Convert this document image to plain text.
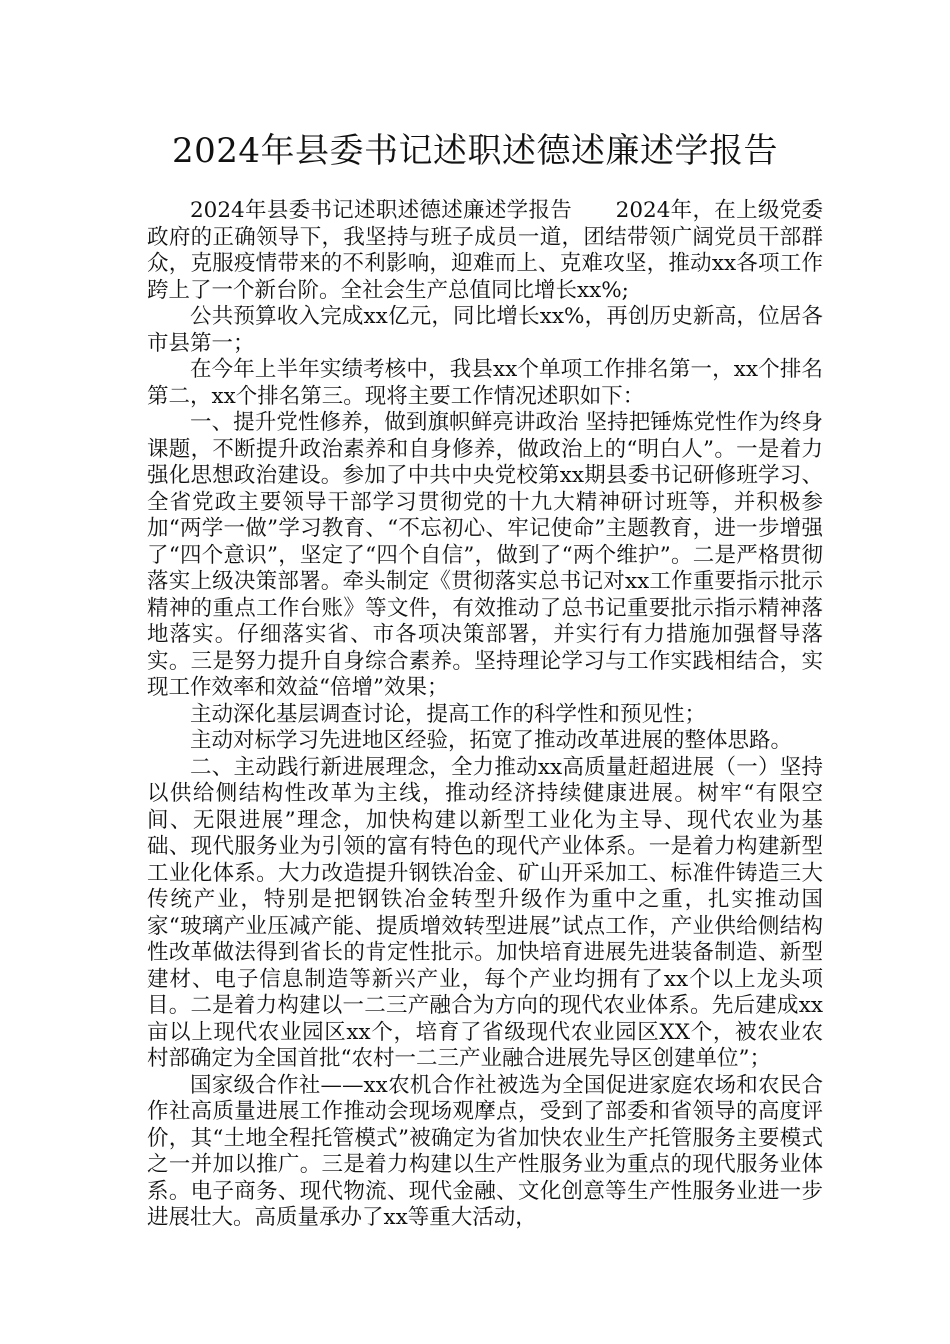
2024年县委书记述职述德述廉述学报告

2024年县委书记述职述德述廉述学报告　　2024年，在上级党委政府的正确领导下，我坚持与班子成员一道，团结带领广阔党员干部群众，克服疫情带来的不利影响，迎难而上、克难攻坚，推动xx各项工作跨上了一个新台阶。全社会生产总值同比增长xx%;

公共预算收入完成xx亿元，同比增长xx%，再创历史新高，位居各市县第一；

在今年上半年实绩考核中，我县xx个单项工作排名第一，xx个排名第二，xx个排名第三。现将主要工作情况述职如下：

一、提升党性修养，做到旗帜鲜亮讲政治 坚持把锤炼党性作为终身课题，不断提升政治素养和自身修养，做政治上的“明白人”。一是着力强化思想政治建设。参加了中共中央党校第xx期县委书记研修班学习、全省党政主要领导干部学习贯彻党的十九大精神研讨班等，并积极参加“两学一做”学习教育、“不忘初心、牢记使命”主题教育，进一步增强了“四个意识”，坚定了“四个自信”，做到了“两个维护”。二是严格贯彻落实上级决策部署。牵头制定《贯彻落实总书记对xx工作重要指示批示精神的重点工作台账》等文件，有效推动了总书记重要批示指示精神落地落实。仔细落实省、市各项决策部署，并实行有力措施加强督导落实。三是努力提升自身综合素养。坚持理论学习与工作实践相结合，实现工作效率和效益“倍增”效果；

主动深化基层调查讨论，提高工作的科学性和预见性；

主动对标学习先进地区经验，拓宽了推动改革进展的整体思路。

二、主动践行新进展理念，全力推动xx高质量赶超进展（一）坚持以供给侧结构性改革为主线，推动经济持续健康进展。树牢“有限空间、无限进展”理念，加快构建以新型工业化为主导、现代农业为基础、现代服务业为引领的富有特色的现代产业体系。一是着力构建新型工业化体系。大力改造提升钢铁冶金、矿山开采加工、标准件铸造三大传统产业，特别是把钢铁冶金转型升级作为重中之重，扎实推动国家“玻璃产业压减产能、提质增效转型进展”试点工作，产业供给侧结构性改革做法得到省长的肯定性批示。加快培育进展先进装备制造、新型建材、电子信息制造等新兴产业，每个产业均拥有了xx个以上龙头项目。二是着力构建以一二三产融合为方向的现代农业体系。先后建成xx亩以上现代农业园区xx个，培育了省级现代农业园区XX个，被农业农村部确定为全国首批“农村一二三产业融合进展先导区创建单位”；

国家级合作社——xx农机合作社被选为全国促进家庭农场和农民合作社高质量进展工作推动会现场观摩点，受到了部委和省领导的高度评价，其“土地全程托管模式”被确定为省加快农业生产托管服务主要模式之一并加以推广。三是着力构建以生产性服务业为重点的现代服务业体系。电子商务、现代物流、现代金融、文化创意等生产性服务业进一步进展壮大。高质量承办了xx等重大活动，
